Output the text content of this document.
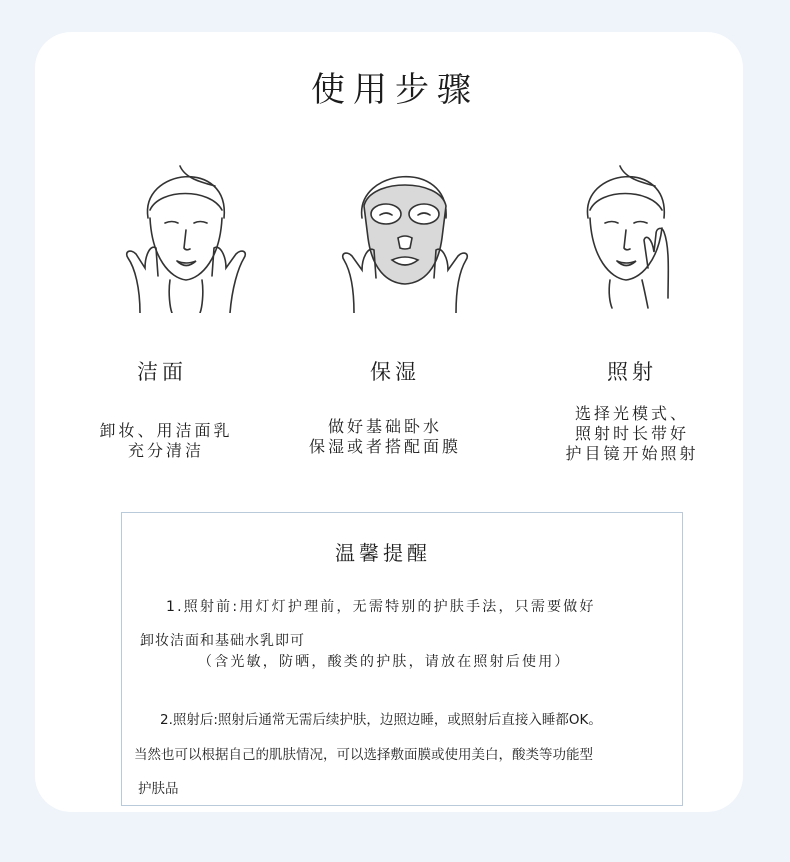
使用步骤
洁面	保湿	照射
卸妆、用洁面乳
充分清洁
做好基础卧水
保湿或者搭配面膜
选择光模式、
照射时长带好
护目镜开始照射
温馨提醒
1.照射前:用灯灯护理前，无需特别的护肤手法，只需要做好
卸妆洁面和基础水乳即可
（含光敏，防晒，酸类的护肤，请放在照射后使用）
2.照射后:照射后通常无需后续护肤，边照边睡，或照射后直接入睡都OK。
当然也可以根据自己的肌肤情况，可以选择敷面膜或使用美白，酸类等功能型
护肤品
